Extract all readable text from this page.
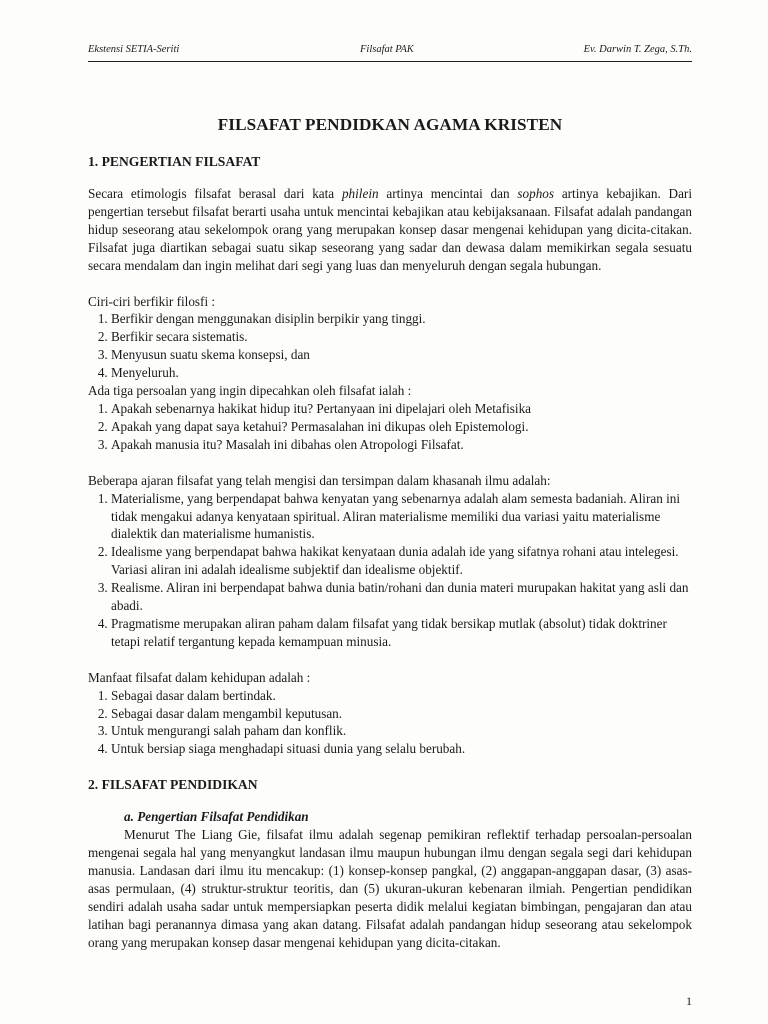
Ekstensi SETIA-Seriti	Filsafat PAK	Ev. Darwin T. Zega, S.Th.
FILSAFAT PENDIDKAN AGAMA KRISTEN
1. PENGERTIAN FILSAFAT

Secara etimologis filsafat berasal dari kata philein artinya mencintai dan sophos artinya kebajikan. Dari pengertian tersebut filsafat berarti usaha untuk mencintai kebajikan atau kebijaksanaan. Filsafat adalah pandangan hidup seseorang atau sekelompok orang yang merupakan konsep dasar mengenai kehidupan yang dicita-citakan. Filsafat juga diartikan sebagai suatu sikap seseorang yang sadar dan dewasa dalam memikirkan segala sesuatu secara mendalam dan ingin melihat dari segi yang luas dan menyeluruh dengan segala hubungan.

Ciri-ciri berfikir filosfi :

1. Berfikir dengan menggunakan disiplin berpikir yang tinggi.
2. Berfikir secara sistematis.
3. Menyusun suatu skema konsepsi, dan
4. Menyeluruh.

Ada tiga persoalan yang ingin dipecahkan oleh filsafat ialah :

1. Apakah sebenarnya hakikat hidup itu? Pertanyaan ini dipelajari oleh Metafisika
2. Apakah yang dapat saya ketahui? Permasalahan ini dikupas oleh Epistemologi.
3. Apakah manusia itu? Masalah ini dibahas olen Atropologi Filsafat.

Beberapa ajaran filsafat yang telah mengisi dan tersimpan dalam khasanah ilmu adalah:

1. Materialisme, yang berpendapat bahwa kenyatan yang sebenarnya adalah alam semesta badaniah. Aliran ini tidak mengakui adanya kenyataan spiritual. Aliran materialisme memiliki dua variasi yaitu materialisme dialektik dan materialisme humanistis.
2. Idealisme yang berpendapat bahwa hakikat kenyataan dunia adalah ide yang sifatnya rohani atau intelegesi. Variasi aliran ini adalah idealisme subjektif dan idealisme objektif.
3. Realisme. Aliran ini berpendapat bahwa dunia batin/rohani dan dunia materi murupakan hakitat yang asli dan abadi.
4. Pragmatisme merupakan aliran paham dalam filsafat yang tidak bersikap mutlak (absolut) tidak doktriner tetapi relatif tergantung kepada kemampuan minusia.

Manfaat filsafat dalam kehidupan adalah :

1. Sebagai dasar dalam bertindak.
2. Sebagai dasar dalam mengambil keputusan.
3. Untuk mengurangi salah paham dan konflik.
4. Untuk bersiap siaga menghadapi situasi dunia yang selalu berubah.
2. FILSAFAT PENDIDIKAN

a. Pengertian Filsafat Pendidikan

Menurut The Liang Gie, filsafat ilmu adalah segenap pemikiran reflektif terhadap persoalan-persoalan mengenai segala hal yang menyangkut landasan ilmu maupun hubungan ilmu dengan segala segi dari kehidupan manusia. Landasan dari ilmu itu mencakup: (1) konsep-konsep pangkal, (2) anggapan-anggapan dasar, (3) asas-asas permulaan, (4) struktur-struktur teoritis, dan (5) ukuran-ukuran kebenaran ilmiah. Pengertian pendidikan sendiri adalah usaha sadar untuk mempersiapkan peserta didik melalui kegiatan bimbingan, pengajaran dan atau latihan bagi peranannya dimasa yang akan datang. Filsafat adalah pandangan hidup seseorang atau sekelompok orang yang merupakan konsep dasar mengenai kehidupan yang dicita-citakan.

1
